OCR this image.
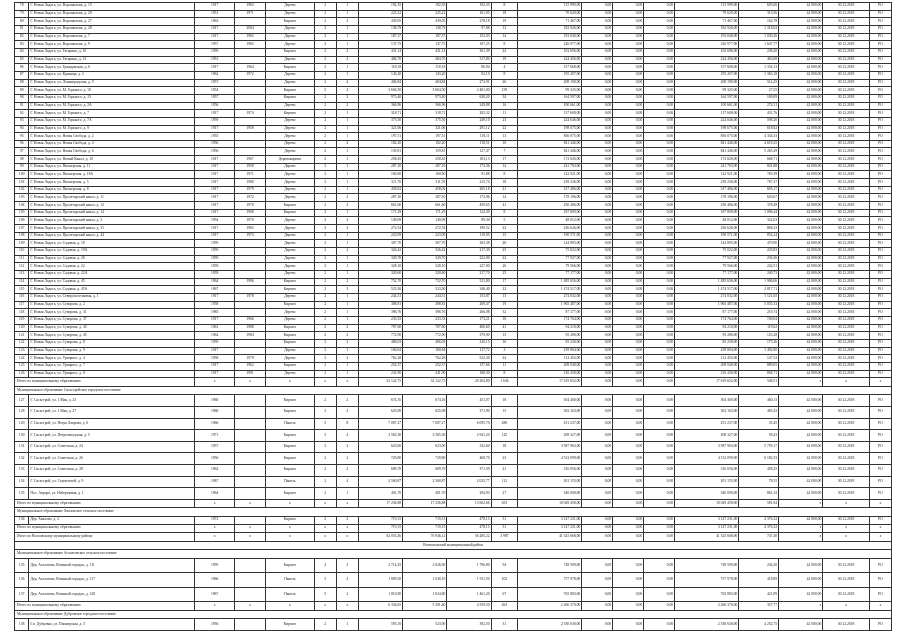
78	Г. Новая Ладога, ул. Ворошилова, д. 15	1917	1963	Дерево	2	1	192,35	192,35	192,35	8	115 999,00	0,00	0,00	0,00	115 999,00	603,06	42 000,00	30.12.2018	РО
79	Г. Новая Ладога, ул. Ворошилова, д. 20	1951	1971	Дерево	2	1	225,22	225,22	161,05	18	70 620,00	0,00	0,00	0,00	70 620,00	313,56	42 000,00	30.12.2018	РО
80	Г. Новая Ладога, ул. Ворошилова, д. 27	1963		Кирпич	2	3	439,05	439,05	278,18	19	71 467,00	0,00	0,00	0,00	71 467,00	162,78	42 000,00	30.12.2018	РО
81	Г. Новая Ладога, ул. Ворошилова, д. 28	1917	2004	Дерево	2	1	138,79	138,79	97,88	12	182 926,00	0,00	0,00	0,00	182 926,00	1 318,02	42 000,00	30.12.2018	РО
82	Г. Новая Ладога, ул. Ворошилова, д. 7	1917	1965	Дерево	2	1	187,37	187,37	152,03	14	193 040,00	0,00	0,00	0,00	193 040,00	1 030,26	42 000,00	30.12.2018	РО
83	Г. Новая Ладога, ул. Ворошилова, д. 9	1957	1965	Дерево	2	1	137,75	137,75	107,25	8	226 977,00	0,00	0,00	0,00	226 977,00	1 647,77	42 000,00	30.12.2018	РО
84	Г. Новая Ладога, ул. Гагарина, д. 10	1959		Кирпич	2	2	431,14	431,14	261,39	24	102 696,00	0,00	0,00	0,00	102 696,00	238,20	42 000,00	30.12.2018	РО
85	Г. Новая Ладога, ул. Гагарина, д. 13	1951		Дерево	2	2	484,70	484,70	317,80	19	224 456,00	0,00	0,00	0,00	224 456,00	463,08	42 000,00	30.12.2018	РО
86	Г. Новая Ладога, ул. Гражданская, д. 6	1917	1964	Кирпич	2	1	118,18	118,18	86,94	4	157 668,00	0,00	0,00	0,00	157 668,00	1 334,13	42 000,00	30.12.2018	РО
87	Г. Новая Ладога, ул. Криница, д. 2	1962	1972	Дерево	2	1	143,20	143,20	92,10	8	195 207,00	0,00	0,00	0,00	195 207,00	1 363,18	42 000,00	30.12.2018	РО
88	Г. Новая Ладога, ул. Ленинградская, д. 9	1957		Дерево	2	4	404,84	404,84	273,91	26	208 190,00	0,00	0,00	0,00	208 190,00	514,25	42 000,00	30.12.2018	РО
89	Г. Новая Ладога, ул. М. Горького, д. 10	1954		Кирпич	5	2	3 604,50	3 604,50	2 481,00	159	99 325,00	0,00	0,00	0,00	99 325,00	27,55	42 000,00	30.12.2018	РО
90	Г. Новая Ладога, ул. М. Горького, д. 15	1957		Кирпич	2	2	973,40	973,40	620,20	34	164 597,00	0,00	0,00	0,00	164 597,00	169,09	42 000,00	30.12.2018	РО
91	Г. Новая Ладога, ул. М. Горького, д. 2А	1956		Дерево	2	2	366,96	366,96	249,88	16	100 661,00	0,00	0,00	0,00	100 661,00	274,31	42 000,00	30.12.2018	РО
92	Г. Новая Ладога, ул. М. Горького, д. 7	1917	1974	Кирпич	2	1	318,71	318,71	282,32	11	137 608,00	0,00	0,00	0,00	137 608,00	431,76	42 000,00	30.12.2018	РО
93	Г. Новая Ладога, ул. М. Горького, д. 7А	1959		Дерево	2	1	375,50	375,50	249,10	23	224 646,00	0,00	0,00	0,00	224 646,00	598,26	42 000,00	30.12.2018	РО
94	Г. Новая Ладога, ул. М. Горького, д. 9	1917	1958	Дерево	2	1	321,06	321,06	291,12	22	198 675,00	0,00	0,00	0,00	198 675,00	618,82	42 000,00	30.12.2018	РО
95	Г. Новая Ладога, ул. Новая Свобода, д. 2	1955		Дерево	2	1	197,51	197,51	118,11	13	856 075,00	0,00	0,00	0,00	856 075,00	4 334,33	42 000,00	30.12.2018	РО
96	Г. Новая Ладога, ул. Новая Свобода, д. 4	1956		Дерево	2	2	182,20	182,20	118,51	10	841 446,00	0,00	0,00	0,00	841 446,00	4 618,25	42 000,00	30.12.2018	РО
97	Г. Новая Ладога, ул. Новая Свобода, д. 6	1956		Дерево	2	1	159,81	159,81	127,47	7	841 446,00	0,00	0,00	0,00	841 446,00	5 265,29	42 000,00	30.12.2018	РО
98	Г. Новая Ладога, ул. Новый Канал, д. 10	1917	1967	Деревокирпич	2	1	258,45	258,45	183,13	17	172 826,00	0,00	0,00	0,00	172 826,00	668,71	42 000,00	30.12.2018	РО
99	Г. Новая Ладога, ул. Пионерская, д. 11	1917	1958	Дерево	2	1	287,10	287,10	173,36	14	241 703,00	0,00	0,00	0,00	241 703,00	841,88	42 000,00	30.12.2018	РО
100	Г. Новая Ладога, ул. Пионерская, д. 18А	1917	1971	Дерево	2	1	160,60	160,60	91,88	8	122 921,00	0,00	0,00	0,00	122 921,00	765,39	42 000,00	30.12.2018	РО
101	Г. Новая Ладога, ул. Пионерская, д. 5	1917	1980	Дерево	2	1	311,76	311,76	215,74	18	239 236,00	0,00	0,00	0,00	239 236,00	767,37	42 000,00	30.12.2018	РО
102	Г. Новая Ладога, ул. Пионерская, д. 8	1917	1979	Дерево	2	1	458,02	458,02	265,18	21	317 486,00	0,00	0,00	0,00	317 486,00	693,17	42 000,00	30.12.2018	РО
103	Г. Новая Ладога, ул. Пролетарский канал, д. 11	1917	1972	Дерево	2	2	287,10	287,10	173,96	14	178 196,00	0,00	0,00	0,00	178 196,00	620,67	42 000,00	30.12.2018	РО
104	Г. Новая Ладога, ул. Пролетарский канал, д. 12	1917	1970	Кирпич	2	3	661,60	661,60	459,65	41	250 406,00	0,00	0,00	0,00	250 406,00	378,49	42 000,00	30.12.2018	РО
105	Г. Новая Ладога, ул. Пролетарский канал, д. 14	1917	1968	Кирпич	2	1	171,29	171,29	124,30	8	187 809,00	0,00	0,00	0,00	187 809,00	1 096,44	42 000,00	30.12.2018	РО
106	Г. Новая Ладога, ул. Пролетарский канал, д. 2	1954	1970	Дерево	2	2	149,09	149,09	89,30	5	48 012,00	0,00	0,00	0,00	48 012,00	322,03	42 000,00	30.12.2018	РО
107	Г. Новая Ладога, ул. Пролетарский канал, д. 31	1917	1965	Дерево	2	2	272,54	272,54	190,52	22	236 626,00	0,00	0,00	0,00	236 626,00	868,23	42 000,00	30.12.2018	РО
108	Г. Новая Ладога, ул. Пролетарский канал, д. 44	1917	1973	Дерево	2	1	223,09	223,09	119,95	15	190 571,00	0,00	0,00	0,00	190 571,00	854,24	42 000,00	30.12.2018	РО
109	Г. Новая Ладога, ул. Садовая, д. 18	1959		Дерево	2	1	307,70	307,70	203,38	20	144 895,00	0,00	0,00	0,00	144 895,00	470,90	42 000,00	30.12.2018	РО
110	Г. Новая Ладога, ул. Садовая, д. 19А	1959		Дерево	2	2	326,42	326,42	217,30	25	75 022,00	0,00	0,00	0,00	75 022,00	229,83	42 000,00	30.12.2018	РО
111	Г. Новая Ладога, ул. Садовая, д. 20	1959		Дерево	2	1	329,70	329,70	222,90	22	77 927,00	0,00	0,00	0,00	77 927,00	236,36	42 000,00	30.12.2018	РО
112	Г. Новая Ладога, ул. Садовая, д. 22	1959		Дерево	2	1	328,10	328,10	227,00	26	79 566,00	0,00	0,00	0,00	79 566,00	242,51	42 000,00	30.12.2018	РО
113	Г. Новая Ладога, ул. Садовая, д. 22А	1959		Дерево	2	1	320,60	320,60	217,70	25	77 177,00	0,00	0,00	0,00	77 177,00	240,73	42 000,00	30.12.2018	РО
114	Г. Новая Ладога, ул. Садовая, д. 45	1964	1986	Кирпич	2	2	752,70	752,70	521,80	17	1 485 656,00	0,00	0,00	0,00	1 485 656,00	1 986,06	42 000,00	30.12.2018	РО
115	Г. Новая Ладога, ул. Садовая, д. 45А	1967		Кирпич	2	3	523,30	523,30	346,40	22	1 474 517,00	0,00	0,00	0,00	1 474 517,00	2 817,71	42 000,00	30.12.2018	РО
116	Г. Новая Ладога, ул. Северопоселковая, д. 1	1917	1978	Дерево	2	1	244,31	244,31	153,87	13	274 032,00	0,00	0,00	0,00	274 032,00	1 121,65	42 000,00	30.12.2018	РО
117	Г. Новая Ладога, ул. Суворова, д. 2	1958		Кирпич	2	1	388,81	388,81	269,47	19	1 965 487,00	0,00	0,00	0,00	1 965 487,00	5 055,13	42 000,00	30.12.2018	РО
118	Г. Новая Ладога, ул. Суворова, д. 31	1983		Дерево	2	1	396,76	396,76	266,08	32	87 177,00	0,00	0,00	0,00	87 177,00	219,74	42 000,00	30.12.2018	РО
119	Г. Новая Ладога, ул. Суворова, д. 37	1917	1966	Дерево	2	1	233,33	233,33	173,21	18	174 764,00	0,00	0,00	0,00	174 764,00	749,04	42 000,00	30.12.2018	РО
120	Г. Новая Ладога, ул. Суворова, д. 43	1961	1988	Кирпич	2	2	787,60	787,60	406,60	41	94 210,00	0,00	0,00	0,00	94 210,00	119,62	42 000,00	30.12.2018	РО
121	Г. Новая Ладога, ул. Суворова, д. 45	1962	1984	Кирпич	2	2	772,90	772,90	379,90	15	95 280,00	0,00	0,00	0,00	95 280,00	123,28	42 000,00	30.12.2018	РО
122	Г. Новая Ладога, ул. Суворова, д. 8	1959		Кирпич	2	2	486,03	486,03	320,15	16	85 230,00	0,00	0,00	0,00	85 230,00	175,36	42 000,00	30.12.2018	РО
123	Г. Новая Ладога, ул. Суворова, д. 9	1917		Дерево	2	1	160,64	160,64	117,72	3	239 804,00	0,00	0,00	0,00	239 804,00	1 492,80	42 000,00	30.12.2018	РО
124	Г. Новая Ладога, ул. Урицкого, д. 4	1958	1979	Дерево	2	2	762,28	762,28	522,30	24	112 454,00	0,00	0,00	0,00	112 454,00	147,52	42 000,00	30.12.2018	РО
125	Г. Новая Ладога, ул. Урицкого, д. 7	1917	1962	Кирпич	2	1	252,37	252,37	157,66	11	208 940,00	0,00	0,00	0,00	208 940,00	889,05	42 000,00	30.12.2018	РО
126	Г. Новая Ладога, ул. Урицкого, д. 8	1917	1991	Дерево	2	1	241,90	241,90	168,30	8	216 430,00	0,00	0,00	0,00	216 430,00	894,71	42 000,00	30.12.2018	РО
Итого по муниципальному образованию		x	x	x	x	x	32 122,75	32 122,75	20 204,80	1 636	17 619 652,00	0,00	0,00	0,00	17 619 652,00	548,51	x	x	x
Муниципальное образование Сясьстройское городское поселение																			
127	Г. Сясьстрой, ул. 1 Мая, д. 25	1960		Кирпич	2	2	674,16	674,16	451,07	18	304 460,00	0,00	0,00	0,00	304 460,00	460,13	42 000,00	30.12.2018	РО
128	Г. Сясьстрой, ул. 1 Мая, д. 27	1960		Кирпич	2	2	625,08	625,08	371,90	15	302 163,00	0,00	0,00	0,00	302 163,00	483,43	42 000,00	30.12.2018	РО
129	Г. Сясьстрой, ул. Петра Лаврова, д. 6	1966		Панель	5	8	7 087,27	7 087,27	6 095,70	280	251 237,00	0,00	0,00	0,00	251 237,00	35,45	42 000,00	30.12.2018	РО
130	Г. Сясьстрой, ул. Петрозаводская, д. 5	1971		Кирпич	5	4	3 565,30	3 565,30	2 941,20	125	208 327,00	0,00	0,00	0,00	208 327,00	58,43	42 000,00	30.12.2018	РО
131	Г. Сясьстрой, ул. Советская, д. 24	1957		Кирпич	2	2	623,00	623,00	332,60	18	3 587 963,00	0,00	0,00	0,00	3 587 963,00	5 759,17	42 000,00	30.12.2018	РО
132	Г. Сясьстрой, ул. Советская, д. 26	1956		Кирпич	2	2	729,80	729,80	468,70	23	4 512 099,00	0,00	0,00	0,00	4 512 099,00	6 182,53	42 000,00	30.12.2018	РО
133	Г. Сясьстрой, ул. Советская, д. 28	1962		Кирпич	2	2	689,70	689,70	371,50	21	316 056,00	0,00	0,00	0,00	316 056,00	458,25	42 000,00	30.12.2018	РО
134	Г. Сясьстрой, ул. Строителей, д. 9	1967		Панель	2	4	2 560,87	2 560,87	2 025,77	112	201 155,00	0,00	0,00	0,00	201 155,00	78,55	42 000,00	30.12.2018	РО
135	Пос. Аврора, ул. Набережная, д. 1	1964		Кирпич	2	1	401,70	401,70	294,93	27	346 000,00	0,00	0,00	0,00	346 000,00	861,34	42 000,00	30.12.2018	РО
Итого по муниципальному образованию		x	x	x	x	x	17 236,88	17 236,88	13 602,66	653	10 029 458,00	0,00	0,00	0,00	10 029 458,00	581,94	x	x	x
Муниципальное образование Хваловское сельское поселение																			
136	Дер. Хвалово, д. 2	1972		Кирпич	2	2	719,15	719,15	478,15	31	3 147 231,00	0,00	0,00	0,00	3 147 231,00	4 376,32	42 000,00	30.12.2018	РО
Итого по муниципальному образованию		x	x	x	x	x	719,15	719,15	478,15	31	3 147 231,00	0,00	0,00	0,00	3 147 231,00	4 376,32	x	x	x
Итого по Волховскому муниципальному району		x	x	x	x	x	82 053,36	76 946,12	56 285,22	3 987	41 325 668,00	0,00	0,00	0,00	41 325 668,00	747,40	x	x	x
Всеволожский муниципальный район																			
Муниципальное образование Агалатовское сельское поселение																			
135	Дер. Агалатово, Военный городок, д. 111	1959		Кирпич	4	3	2 714,25	2 026,50	1 796,80	94	748 509,00	0,00	0,00	0,00	748 509,00	234,20	42 000,00	30.12.2018	РО
136	Дер. Агалатово, Военный городок, д. 117	1966		Панель	5	2	1 809,50	1 630,10	1 531,50	102	757 978,00	0,00	0,00	0,00	757 978,00	418,89	42 000,00	30.12.2018	РО
137	Дер. Агалатово, Военный городок, д. 128	1967		Панель	5	2	1 810,90	1 634,80	1 461,20	67	765 883,00	0,00	0,00	0,00	765 883,00	421,89	42 000,00	30.12.2018	РО
Итого по муниципальному образованию		x	x	x	x	x	6 334,65	5 291,40	4 559,50	263	2 266 370,00	0,00	0,00	0,00	2 266 370,00	357,77	x	x	x
Муниципальное образование Дубровское городское поселение																			
138	Г.п. Дубровка, ул. Пионерская, д. 5	1956		Кирпич	2	1	595,10	523,00	392,50	31	2 530 630,00	0,00	0,00	0,00	2 530 630,00	4 252,75	42 000,00	30.12.2018	РО
